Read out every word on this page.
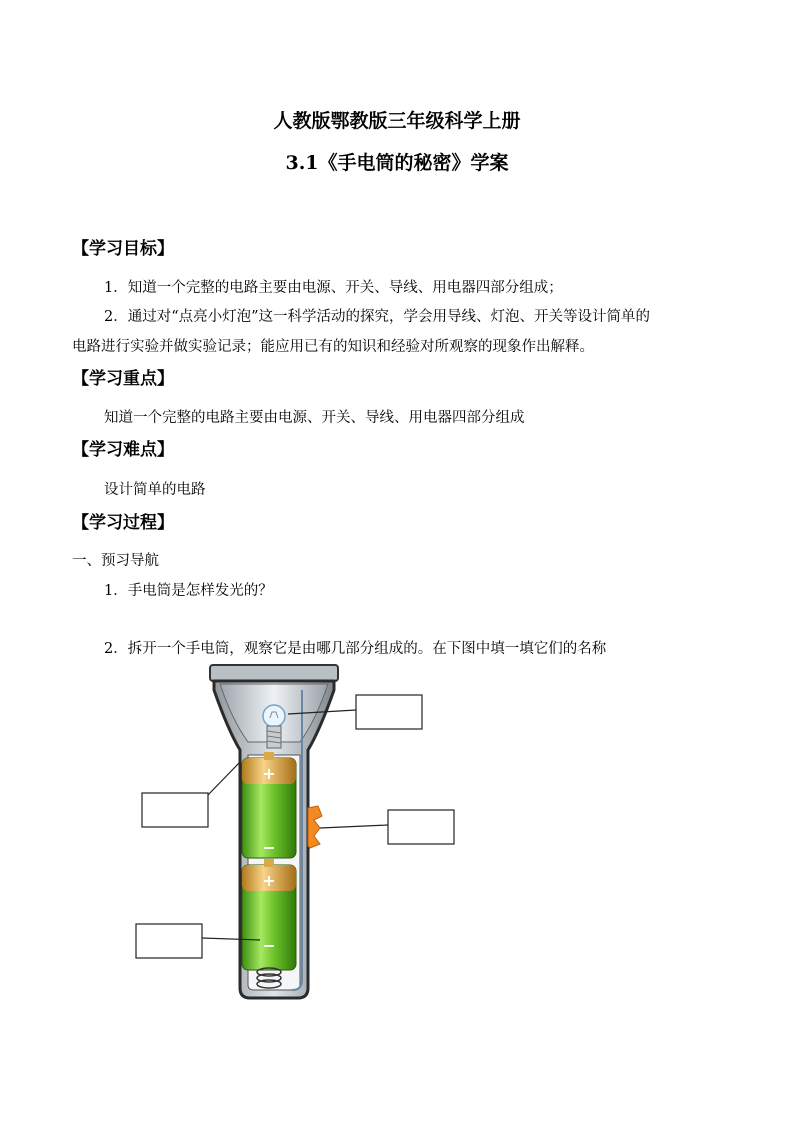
人教版鄂教版三年级科学上册
3.1《手电筒的秘密》学案
【学习目标】
1．知道一个完整的电路主要由电源、开关、导线、用电器四部分组成；
2．通过对“点亮小灯泡”这一科学活动的探究，学会用导线、灯泡、开关等设计简单的
电路进行实验并做实验记录；能应用已有的知识和经验对所观察的现象作出解释。
【学习重点】
知道一个完整的电路主要由电源、开关、导线、用电器四部分组成
【学习难点】
设计简单的电路
【学习过程】
一、预习导航
1．手电筒是怎样发光的？
2．拆开一个手电筒，观察它是由哪几部分组成的。在下图中填一填它们的名称
+
−
+
−
